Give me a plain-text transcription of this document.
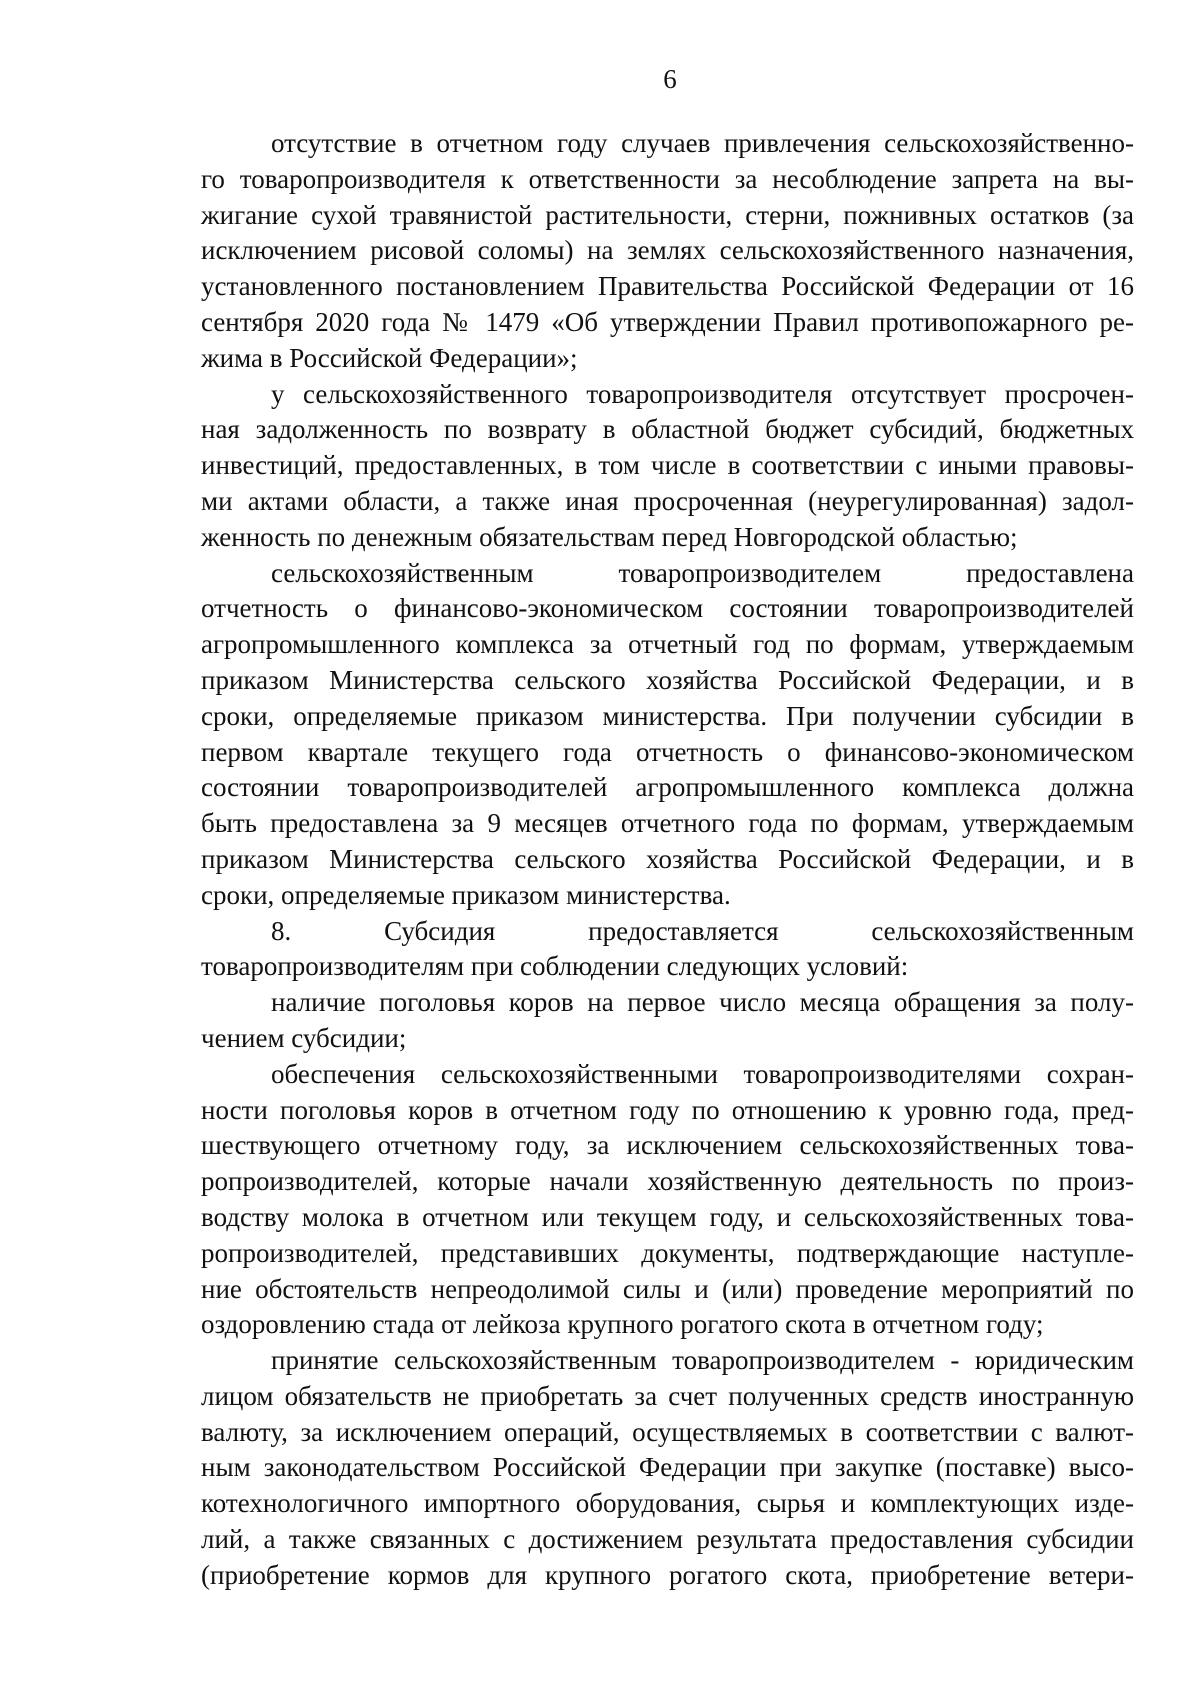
6
отсутствие в отчетном году случаев привлечения сельскохозяйственно-
го товаропроизводителя к ответственности за несоблюдение запрета на вы-
жигание сухой травянистой растительности, стерни, пожнивных остатков (за
исключением рисовой соломы) на землях сельскохозяйственного назначения,
установленного постановлением Правительства Российской Федерации от 16
сентября 2020 года № 1479 «Об утверждении Правил противопожарного ре-
жима в Российской Федерации»;
у сельскохозяйственного товаропроизводителя отсутствует просрочен-
ная задолженность по возврату в областной бюджет субсидий, бюджетных
инвестиций, предоставленных, в том числе в соответствии с иными правовы-
ми актами области, а также иная просроченная (неурегулированная) задол-
женность по денежным обязательствам перед Новгородской областью;
сельскохозяйственным товаропроизводителем предоставлена
отчетность о финансово-экономическом состоянии товаропроизводителей
агропромышленного комплекса за отчетный год по формам, утверждаемым
приказом Министерства сельского хозяйства Российской Федерации, и в
сроки, определяемые приказом министерства. При получении субсидии в
первом квартале текущего года отчетность о финансово-экономическом
состоянии товаропроизводителей агропромышленного комплекса должна
быть предоставлена за 9 месяцев отчетного года по формам, утверждаемым
приказом Министерства сельского хозяйства Российской Федерации, и в
сроки, определяемые приказом министерства.
8. Субсидия предоставляется сельскохозяйственным
товаропроизводителям при соблюдении следующих условий:
наличие поголовья коров на первое число месяца обращения за полу-
чением субсидии;
обеспечения сельскохозяйственными товаропроизводителями сохран-
ности поголовья коров в отчетном году по отношению к уровню года, пред-
шествующего отчетному году, за исключением сельскохозяйственных това-
ропроизводителей, которые начали хозяйственную деятельность по произ-
водству молока в отчетном или текущем году, и сельскохозяйственных това-
ропроизводителей, представивших документы, подтверждающие наступле-
ние обстоятельств непреодолимой силы и (или) проведение мероприятий по
оздоровлению стада от лейкоза крупного рогатого скота в отчетном году;
принятие сельскохозяйственным товаропроизводителем - юридическим
лицом обязательств не приобретать за счет полученных средств иностранную
валюту, за исключением операций, осуществляемых в соответствии с валют-
ным законодательством Российской Федерации при закупке (поставке) высо-
котехнологичного импортного оборудования, сырья и комплектующих изде-
лий, а также связанных с достижением результата предоставления субсидии
(приобретение кормов для крупного рогатого скота, приобретение ветери-
